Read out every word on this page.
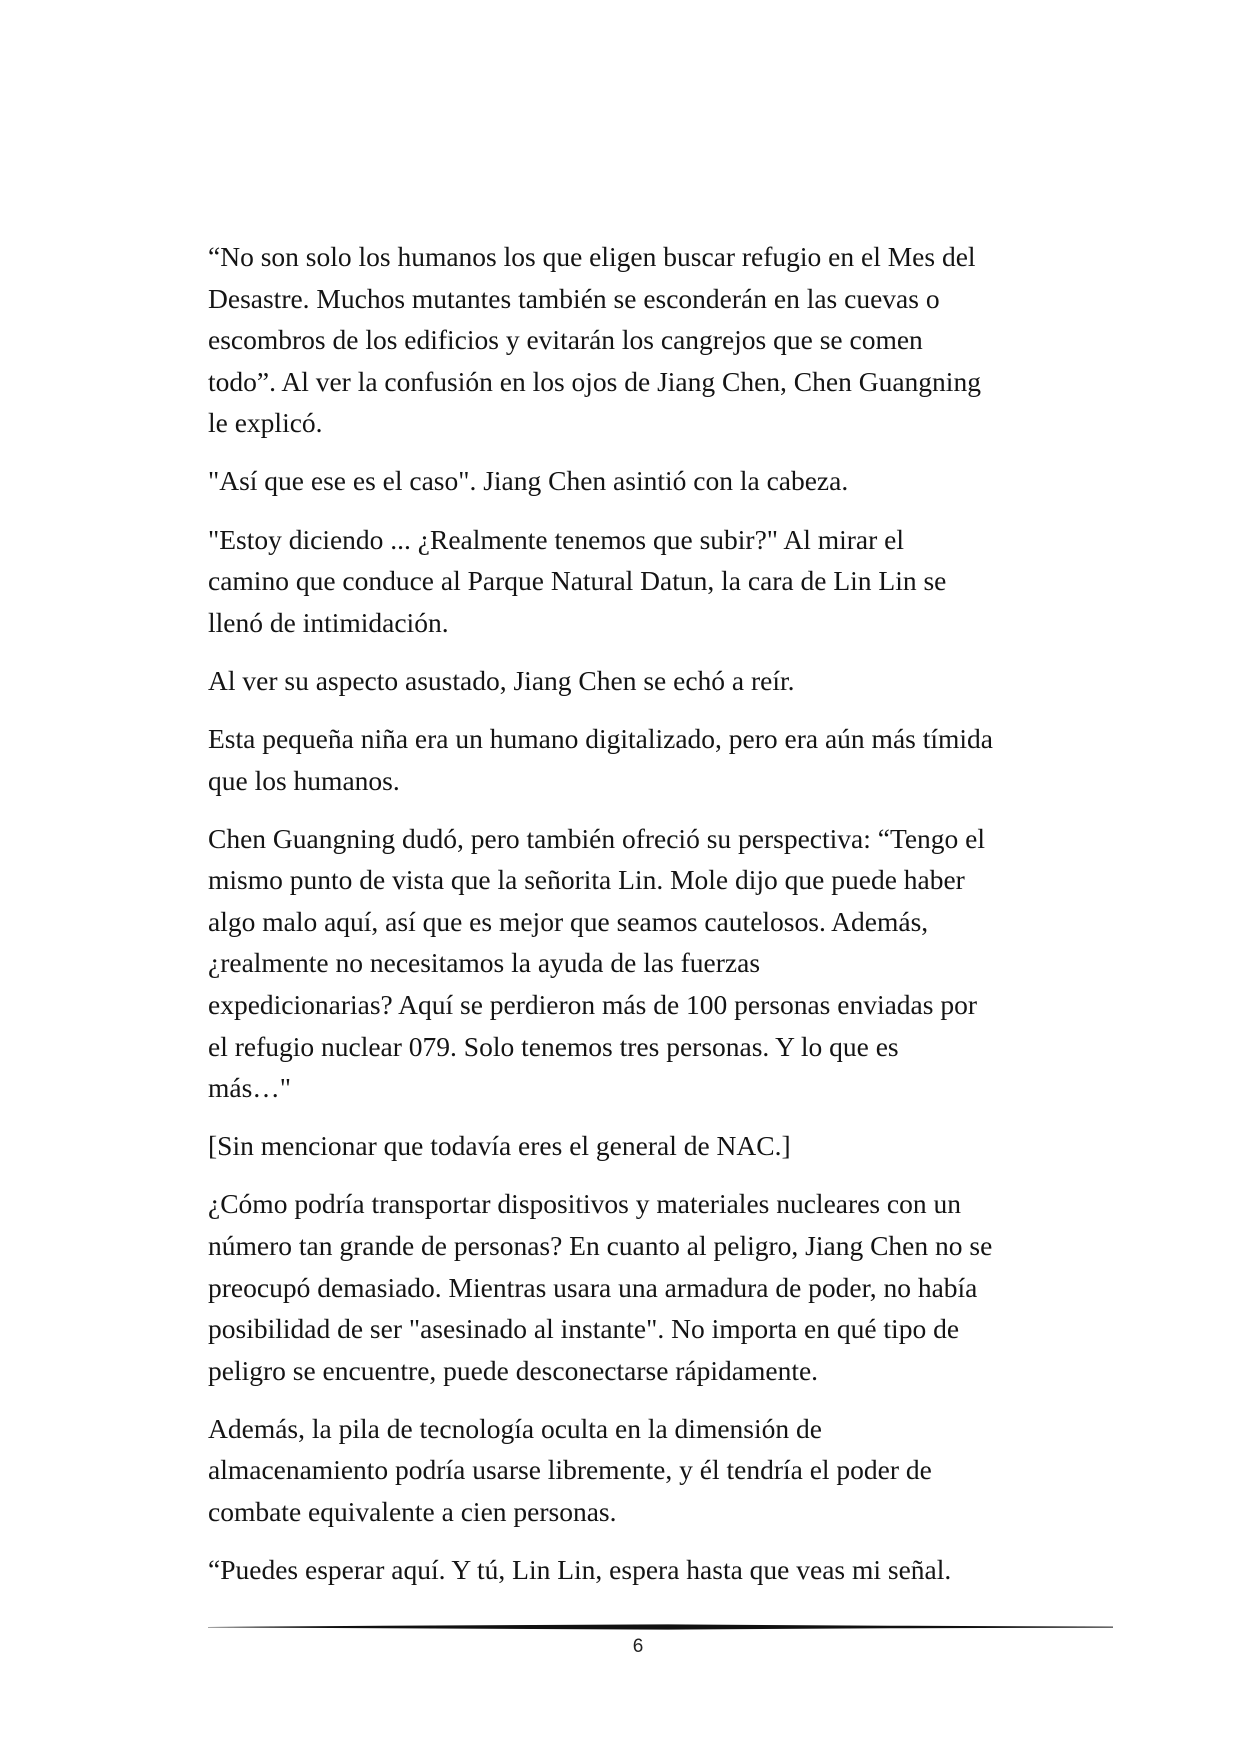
“No son solo los humanos los que eligen buscar refugio en el Mes del
Desastre. Muchos mutantes también se esconderán en las cuevas o
escombros de los edificios y evitarán los cangrejos que se comen
todo”. Al ver la confusión en los ojos de Jiang Chen, Chen Guangning
le explicó.

"Así que ese es el caso". Jiang Chen asintió con la cabeza.

"Estoy diciendo ... ¿Realmente tenemos que subir?" Al mirar el
camino que conduce al Parque Natural Datun, la cara de Lin Lin se
llenó de intimidación.

Al ver su aspecto asustado, Jiang Chen se echó a reír.

Esta pequeña niña era un humano digitalizado, pero era aún más tímida
que los humanos.

Chen Guangning dudó, pero también ofreció su perspectiva: “Tengo el
mismo punto de vista que la señorita Lin. Mole dijo que puede haber
algo malo aquí, así que es mejor que seamos cautelosos. Además,
¿realmente no necesitamos la ayuda de las fuerzas
expedicionarias? Aquí se perdieron más de 100 personas enviadas por
el refugio nuclear 079. Solo tenemos tres personas. Y lo que es
más…"

[Sin mencionar que todavía eres el general de NAC.]

¿Cómo podría transportar dispositivos y materiales nucleares con un
número tan grande de personas? En cuanto al peligro, Jiang Chen no se
preocupó demasiado. Mientras usara una armadura de poder, no había
posibilidad de ser "asesinado al instante". No importa en qué tipo de
peligro se encuentre, puede desconectarse rápidamente.

Además, la pila de tecnología oculta en la dimensión de
almacenamiento podría usarse libremente, y él tendría el poder de
combate equivalente a cien personas.

“Puedes esperar aquí. Y tú, Lin Lin, espera hasta que veas mi señal.

6
